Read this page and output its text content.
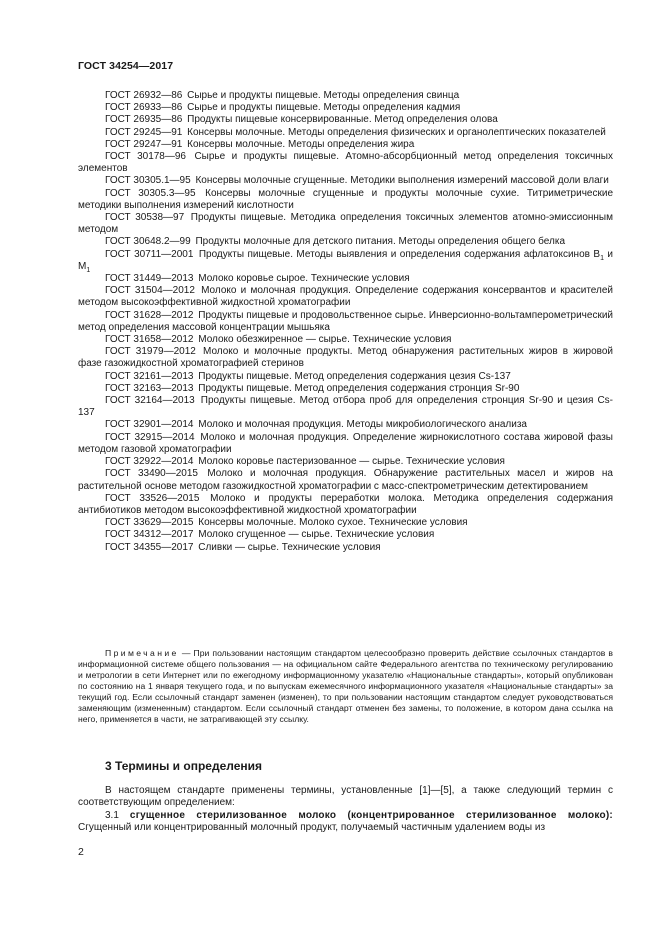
ГОСТ 34254—2017

ГОСТ 26932—86 Сырье и продукты пищевые. Методы определения свинца

ГОСТ 26933—86 Сырье и продукты пищевые. Методы определения кадмия

ГОСТ 26935—86 Продукты пищевые консервированные. Метод определения олова

ГОСТ 29245—91 Консервы молочные. Методы определения физических и органолептических показателей

ГОСТ 29247—91 Консервы молочные. Методы определения жира

ГОСТ 30178—96 Сырье и продукты пищевые. Атомно-абсорбционный метод определения токсичных элементов

ГОСТ 30305.1—95 Консервы молочные сгущенные. Методики выполнения измерений массовой доли влаги

ГОСТ 30305.3—95 Консервы молочные сгущенные и продукты молочные сухие. Титриметрические методики выполнения измерений кислотности

ГОСТ 30538—97 Продукты пищевые. Методика определения токсичных элементов атомно-эмиссионным методом

ГОСТ 30648.2—99 Продукты молочные для детского питания. Методы определения общего белка

ГОСТ 30711—2001 Продукты пищевые. Методы выявления и определения содержания афлатоксинов $B_1$ и $M_1$

ГОСТ 31449—2013 Молоко коровье сырое. Технические условия

ГОСТ 31504—2012 Молоко и молочная продукция. Определение содержания консервантов и красителей методом высокоэффективной жидкостной хроматографии

ГОСТ 31628—2012 Продукты пищевые и продовольственное сырье. Инверсионно-вольтамперометрический метод определения массовой концентрации мышьяка

ГОСТ 31658—2012 Молоко обезжиренное — сырье. Технические условия

ГОСТ 31979—2012 Молоко и молочные продукты. Метод обнаружения растительных жиров в жировой фазе газожидкостной хроматографией стеринов

ГОСТ 32161—2013 Продукты пищевые. Метод определения содержания цезия Cs-137

ГОСТ 32163—2013 Продукты пищевые. Метод определения содержания стронция Sr-90

ГОСТ 32164—2013 Продукты пищевые. Метод отбора проб для определения стронция Sr-90 и цезия Cs-137

ГОСТ 32901—2014 Молоко и молочная продукция. Методы микробиологического анализа

ГОСТ 32915—2014 Молоко и молочная продукция. Определение жирнокислотного состава жировой фазы методом газовой хроматографии

ГОСТ 32922—2014 Молоко коровье пастеризованное — сырье. Технические условия

ГОСТ 33490—2015 Молоко и молочная продукция. Обнаружение растительных масел и жиров на растительной основе методом газожидкостной хроматографии с масс-спектрометрическим детектированием

ГОСТ 33526—2015 Молоко и продукты переработки молока. Методика определения содержания антибиотиков методом высокоэффективной жидкостной хроматографии

ГОСТ 33629—2015 Консервы молочные. Молоко сухое. Технические условия

ГОСТ 34312—2017 Молоко сгущенное — сырье. Технические условия

ГОСТ 34355—2017 Сливки — сырье. Технические условия

Примечание — При пользовании настоящим стандартом целесообразно проверить действие ссылочных стандартов в информационной системе общего пользования — на официальном сайте Федерального агентства по техническому регулированию и метрологии в сети Интернет или по ежегодному информационному указателю «Национальные стандарты», который опубликован по состоянию на 1 января текущего года, и по выпускам ежемесячного информационного указателя «Национальные стандарты» за текущий год. Если ссылочный стандарт заменен (изменен), то при пользовании настоящим стандартом следует руководствоваться заменяющим (измененным) стандартом. Если ссылочный стандарт отменен без замены, то положение, в котором дана ссылка на него, применяется в части, не затрагивающей эту ссылку.

3 Термины и определения

В настоящем стандарте применены термины, установленные [1]—[5], а также следующий термин с соответствующим определением:

3.1 сгущенное стерилизованное молоко (концентрированное стерилизованное молоко): Сгущенный или концентрированный молочный продукт, получаемый частичным удалением воды из

2
